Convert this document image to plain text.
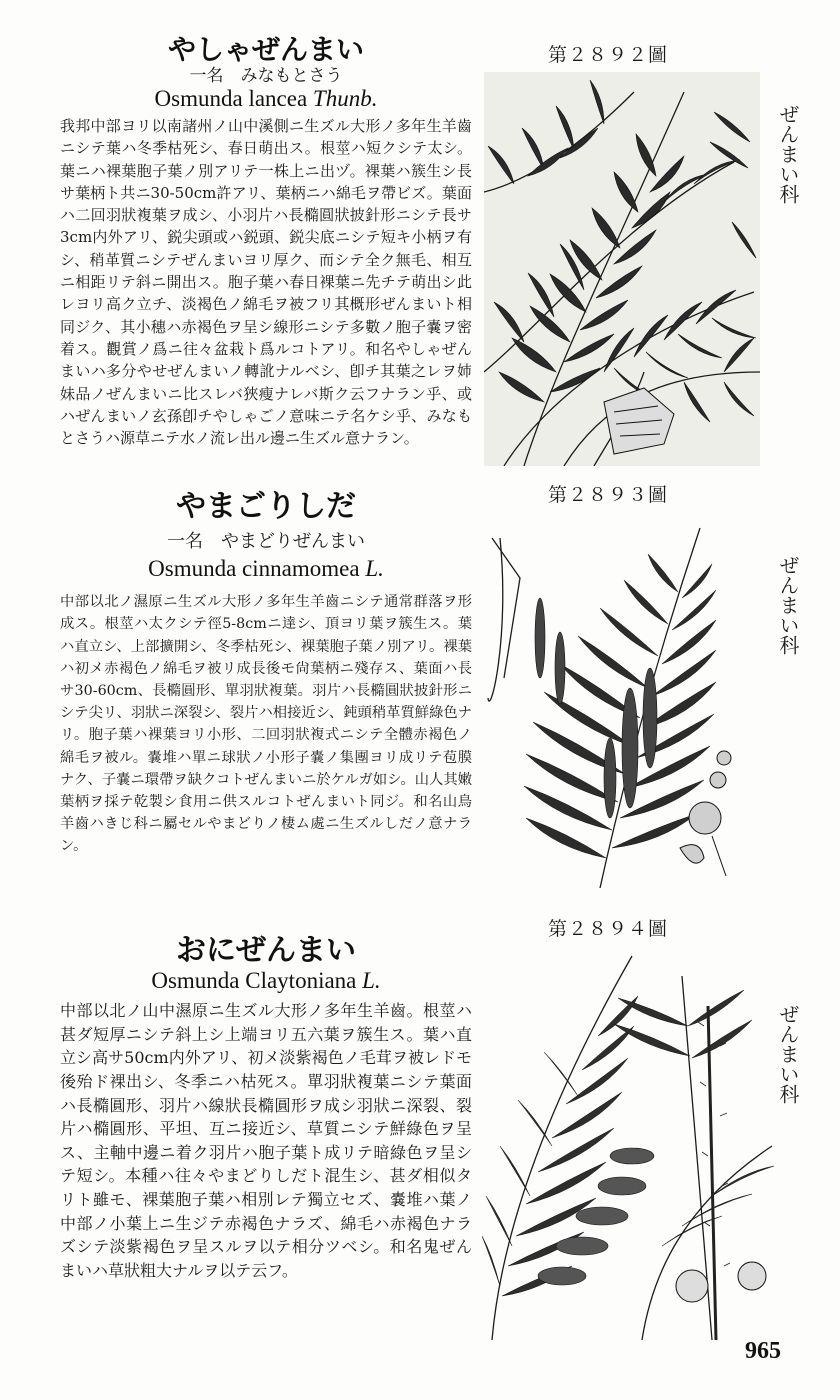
やしゃぜんまい
一名　みなもとさう
Osmunda lancea Thunb.

我邦中部ヨリ以南諸州ノ山中溪側ニ生ズル大形ノ多年生羊齒ニシテ葉ハ冬季枯死シ、春日萌出ス。根莖ハ短クシテ太シ。葉ニハ裸葉胞子葉ノ別アリテ一株上ニ出ヅ。裸葉ハ簇生シ長サ葉柄ト共ニ30-50cm許アリ、葉柄ニハ綿毛ヲ帶ビズ。葉面ハ二回羽狀複葉ヲ成シ、小羽片ハ長橢圓狀披針形ニシテ長サ3cm内外アリ、鋭尖頭或ハ鋭頭、鋭尖底ニシテ短キ小柄ヲ有シ、稍革質ニシテぜんまいヨリ厚ク、而シテ全ク無毛、相互ニ相距リテ斜ニ開出ス。胞子葉ハ春日裸葉ニ先チテ萌出シ此レヨリ高ク立チ、淡褐色ノ綿毛ヲ被フリ其概形ぜんまいト相同ジク、其小穗ハ赤褐色ヲ呈シ線形ニシテ多數ノ胞子嚢ヲ密着ス。觀賞ノ爲ニ往々盆栽ト爲ルコトアリ。和名やしゃぜんまいハ多分やせぜんまいノ轉訛ナルベシ、卽チ其葉之レヲ姉妹品ノぜんまいニ比スレバ狹瘦ナレバ斯ク云フナラン乎、或ハぜんまいノ玄孫卽チやしゃごノ意味ニテ名ケシ乎、みなもとさうハ源草ニテ水ノ流レ出ル邊ニ生ズル意ナラン。

やまごりしだ
一名　やまどりぜんまい
Osmunda cinnamomea L.

中部以北ノ濕原ニ生ズル大形ノ多年生羊齒ニシテ通常群落ヲ形成ス。根莖ハ太クシテ徑5-8cmニ達シ、頂ヨリ葉ヲ簇生ス。葉ハ直立シ、上部擴開シ、冬季枯死シ、裸葉胞子葉ノ別アリ。裸葉ハ初メ赤褐色ノ綿毛ヲ被リ成長後モ尙葉柄ニ殘存ス、葉面ハ長サ30-60cm、長橢圓形、單羽狀複葉。羽片ハ長橢圓狀披針形ニシテ尖リ、羽狀ニ深裂シ、裂片ハ相接近シ、鈍頭稍革質鮮綠色ナリ。胞子葉ハ裸葉ヨリ小形、二回羽狀複式ニシテ全體赤褐色ノ綿毛ヲ被ル。嚢堆ハ單ニ球狀ノ小形子嚢ノ集團ヨリ成リテ苞膜ナク、子嚢ニ環帶ヲ缺クコトぜんまいニ於ケルガ如シ。山人其嫩葉柄ヲ採テ乾製シ食用ニ供スルコトぜんまいト同ジ。和名山鳥羊齒ハきじ科ニ屬セルやまどりノ棲ム處ニ生ズルしだノ意ナラン。

おにぜんまい
Osmunda Claytoniana L.

中部以北ノ山中濕原ニ生ズル大形ノ多年生羊齒。根莖ハ甚ダ短厚ニシテ斜上シ上端ヨリ五六葉ヲ簇生ス。葉ハ直立シ高サ50cm内外アリ、初メ淡紫褐色ノ毛茸ヲ被レドモ後殆ド裸出シ、冬季ニハ枯死ス。單羽狀複葉ニシテ葉面ハ長橢圓形、羽片ハ線狀長橢圓形ヲ成シ羽狀ニ深裂、裂片ハ橢圓形、平坦、互ニ接近シ、草質ニシテ鮮綠色ヲ呈ス、主軸中邊ニ着ク羽片ハ胞子葉ト成リテ暗綠色ヲ呈シテ短シ。本種ハ往々やまどりしだト混生シ、甚ダ相似タリト雖モ、裸葉胞子葉ハ相別レテ獨立セズ、嚢堆ハ葉ノ中部ノ小葉上ニ生ジテ赤褐色ナラズ、綿毛ハ赤褐色ナラズシテ淡紫褐色ヲ呈スルヲ以テ相分ツベシ。和名鬼ぜんまいハ草狀粗大ナルヲ以テ云フ。

第２８９２圖
第２８９３圖
第２８９４圖
ぜんまい科
ぜんまい科
ぜんまい科
965
